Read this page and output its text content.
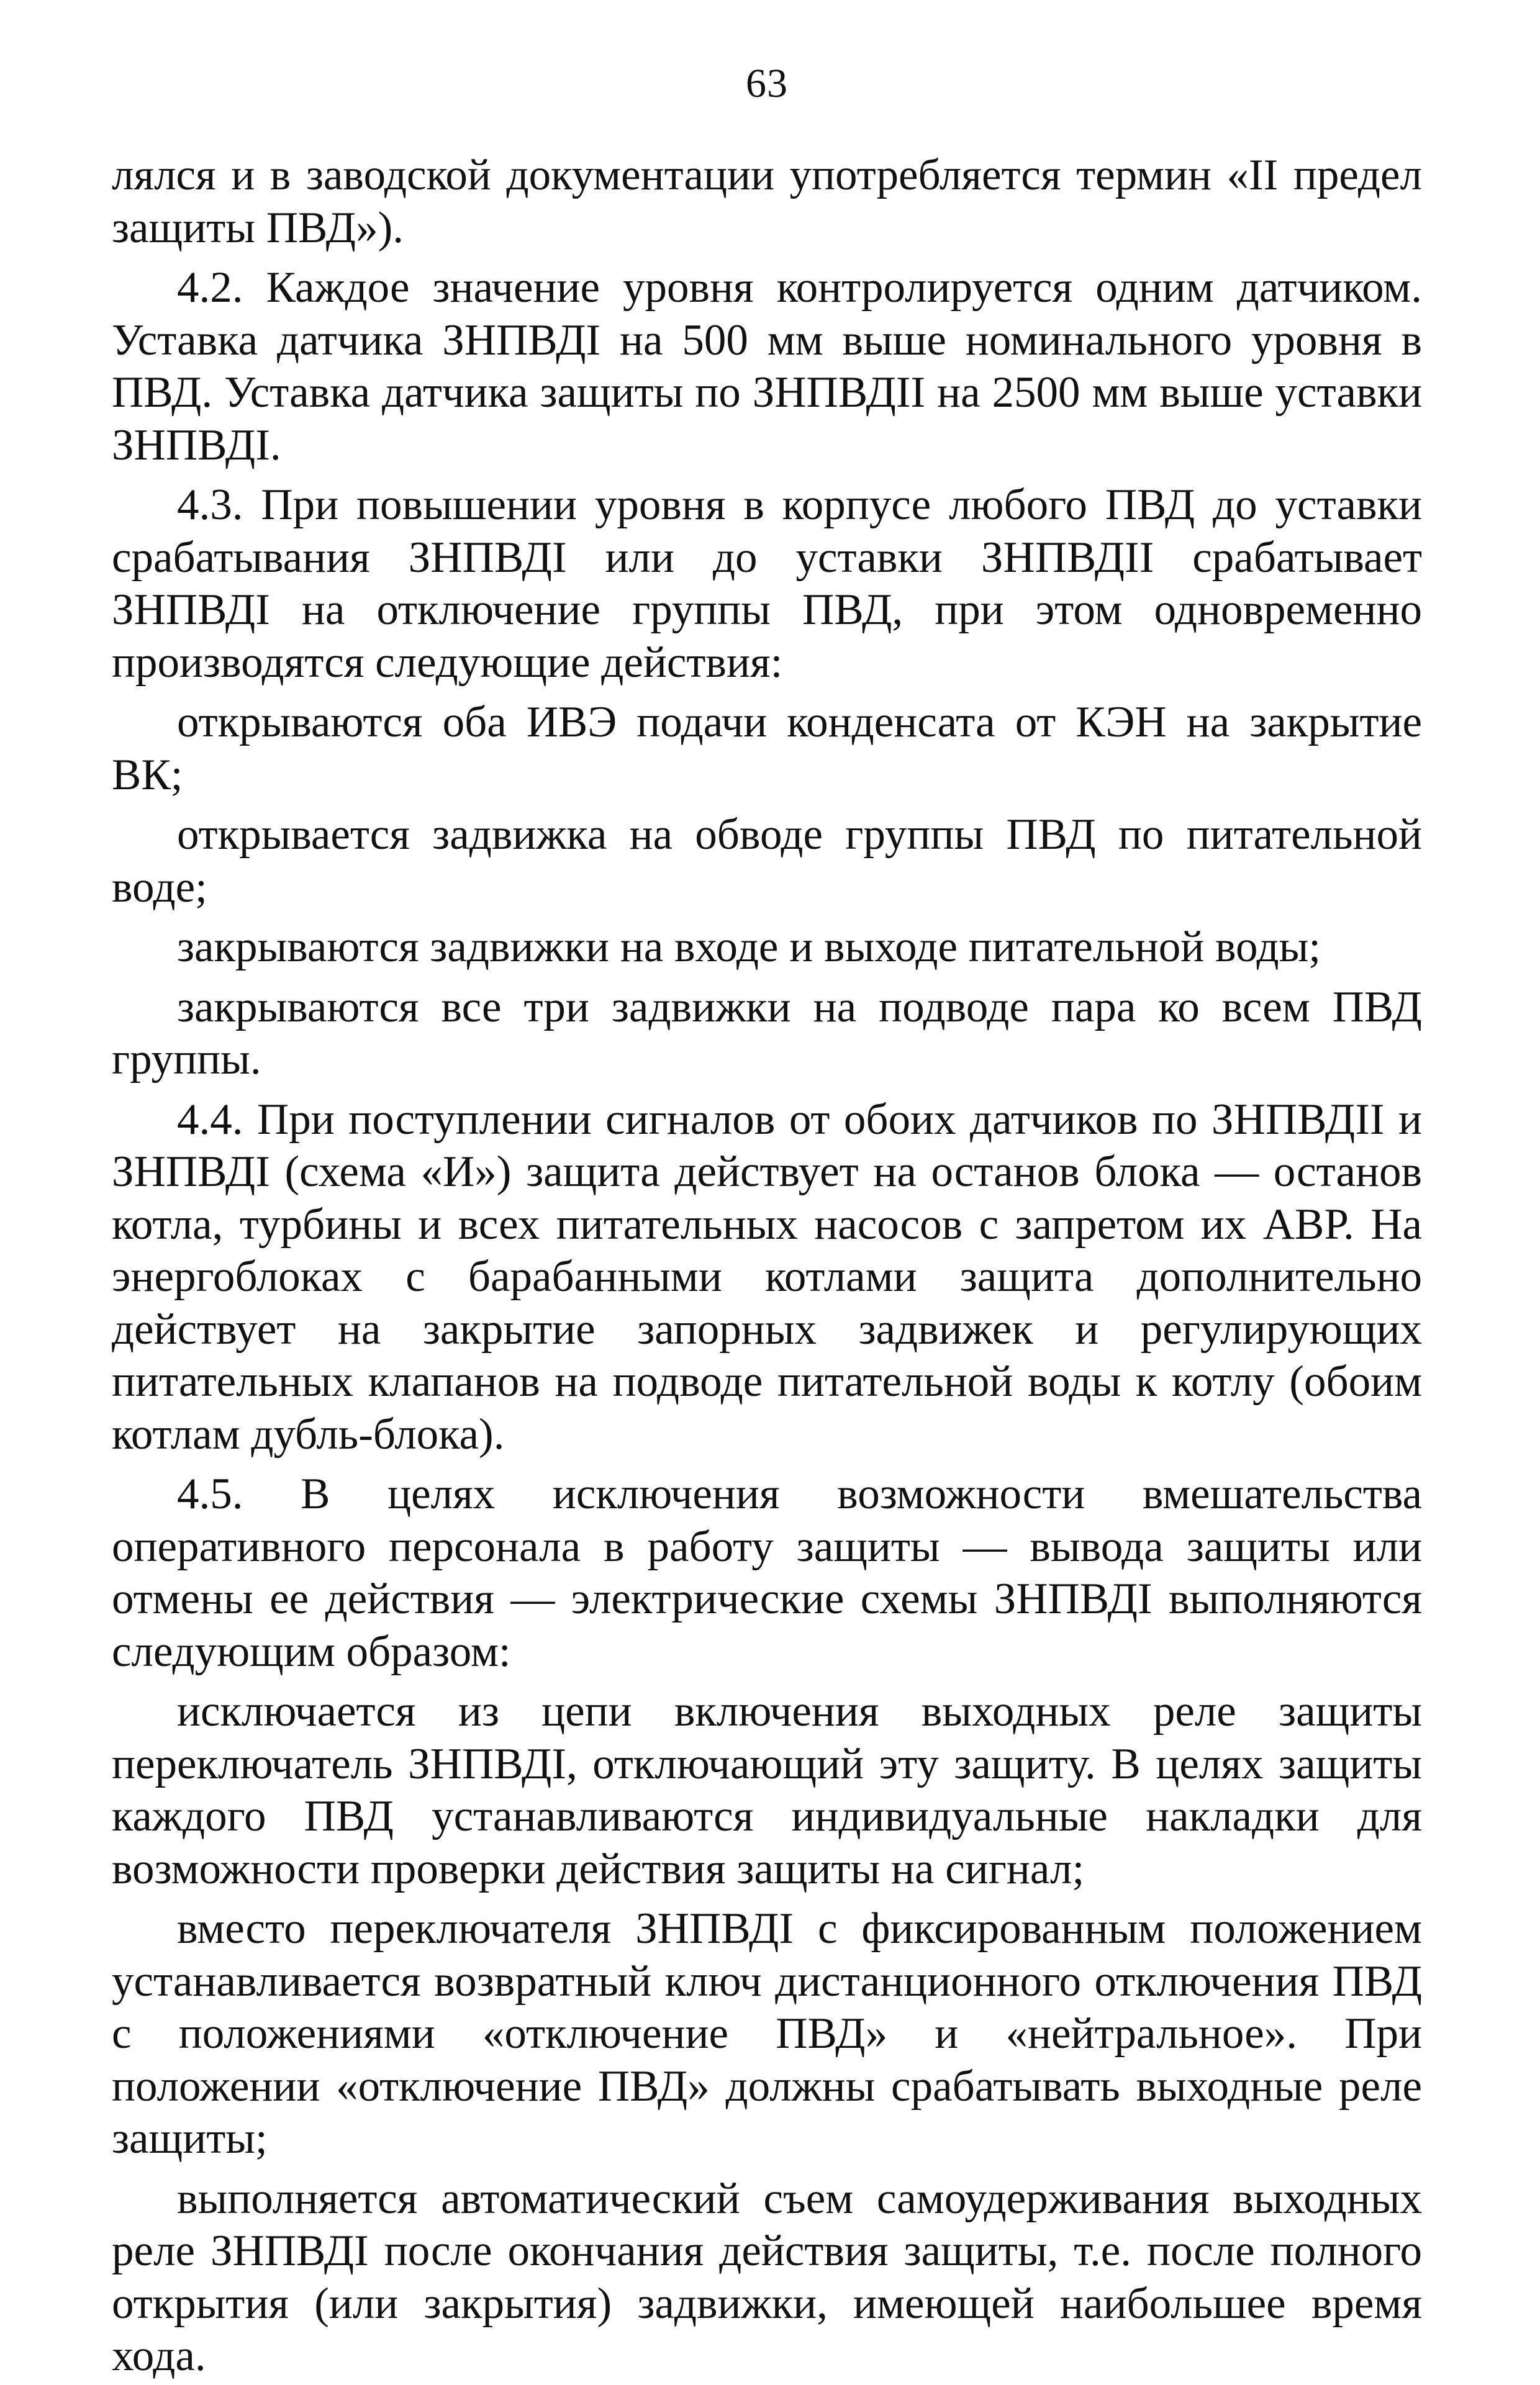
63

лялся и в заводской документации употребляется термин «II предел защиты ПВД»).

4.2. Каждое значение уровня контролируется одним датчиком. Уставка датчика ЗНПВДI на 500 мм выше номинального уровня в ПВД. Уставка датчика защиты по ЗНПВДII на 2500 мм выше уставки ЗНПВДI.

4.3. При повышении уровня в корпусе любого ПВД до уставки срабатывания ЗНПВДI или до уставки ЗНПВДII срабатывает ЗНПВДI на отключение группы ПВД, при этом одновременно производятся следующие действия:

открываются оба ИВЭ подачи конденсата от КЭН на закрытие ВК;

открывается задвижка на обводе группы ПВД по питательной воде;

закрываются задвижки на входе и выходе питательной воды;

закрываются все три задвижки на подводе пара ко всем ПВД группы.

4.4. При поступлении сигналов от обоих датчиков по ЗНПВДII и ЗНПВДI (схема «И») защита действует на останов блока — останов котла, турбины и всех питательных насосов с запретом их АВР. На энергоблоках с барабанными котлами защита дополнительно действует на закрытие запорных задвижек и регулирующих питательных клапанов на подводе питательной воды к котлу (обоим котлам дубль-блока).

4.5. В целях исключения возможности вмешательства оперативного персонала в работу защиты — вывода защиты или отмены ее действия — электрические схемы ЗНПВДI выполняются следующим образом:

исключается из цепи включения выходных реле защиты переключатель ЗНПВДI, отключающий эту защиту. В целях защиты каждого ПВД устанавливаются индивидуальные накладки для возможности проверки действия защиты на сигнал;

вместо переключателя ЗНПВДI с фиксированным положением устанавливается возвратный ключ дистанционного отключения ПВД с положениями «отключение ПВД» и «нейтральное». При положении «отключение ПВД» должны срабатывать выходные реле защиты;

выполняется автоматический съем самоудерживания выходных реле ЗНПВДI после окончания действия защиты, т.е. после полного открытия (или закрытия) задвижки, имеющей наибольшее время хода.
